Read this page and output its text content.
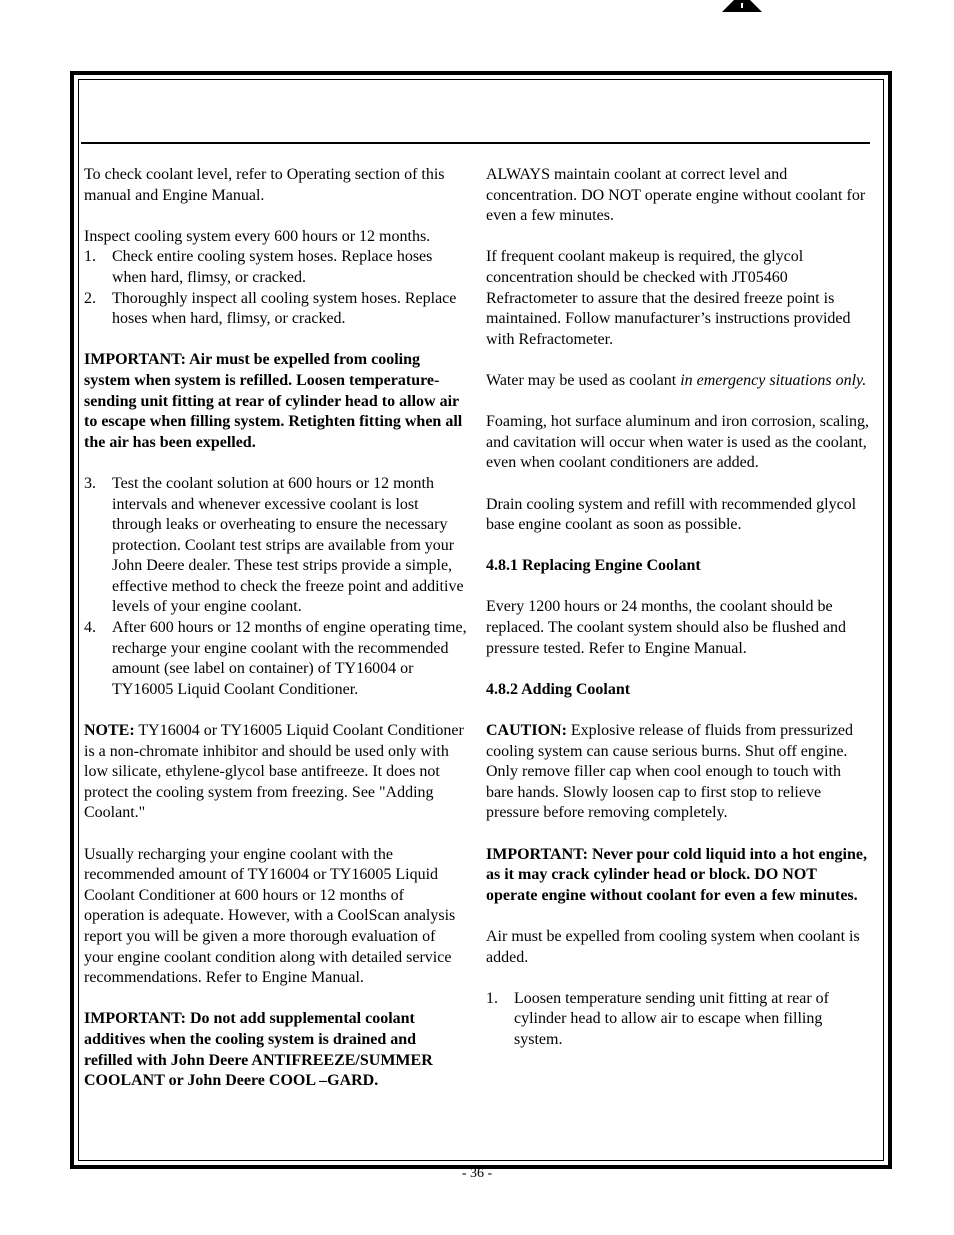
To check coolant level, refer to Operating section of this manual and Engine Manual.

Inspect cooling system every 600 hours or 12 months.

1. Check entire cooling system hoses. Replace hoses when hard, flimsy, or cracked.
2. Thoroughly inspect all cooling system hoses. Replace hoses when hard, flimsy, or cracked.

IMPORTANT: Air must be expelled from cooling system when system is refilled. Loosen temperature-sending unit fitting at rear of cylinder head to allow air to escape when filling system. Retighten fitting when all the air has been expelled.

3. Test the coolant solution at 600 hours or 12 month intervals and whenever excessive coolant is lost through leaks or overheating to ensure the necessary protection. Coolant test strips are available from your John Deere dealer. These test strips provide a simple, effective method to check the freeze point and additive levels of your engine coolant.
4. After 600 hours or 12 months of engine operating time, recharge your engine coolant with the recommended amount (see label on container) of TY16004 or TY16005 Liquid Coolant Conditioner.

NOTE: TY16004 or TY16005 Liquid Coolant Conditioner is a non-chromate inhibitor and should be used only with low silicate, ethylene-glycol base antifreeze. It does not protect the cooling system from freezing. See "Adding Coolant."

Usually recharging your engine coolant with the recommended amount of TY16004 or TY16005 Liquid Coolant Conditioner at 600 hours or 12 months of operation is adequate. However, with a CoolScan analysis report you will be given a more thorough evaluation of your engine coolant condition along with detailed service recommendations. Refer to Engine Manual.

IMPORTANT: Do not add supplemental coolant additives when the cooling system is drained and refilled with John Deere ANTIFREEZE/SUMMER COOLANT or John Deere COOL –GARD.

ALWAYS maintain coolant at correct level and concentration. DO NOT operate engine without coolant for even a few minutes.

If frequent coolant makeup is required, the glycol concentration should be checked with JT05460 Refractometer to assure that the desired freeze point is maintained. Follow manufacturer’s instructions provided with Refractometer.

Water may be used as coolant in emergency situations only.

Foaming, hot surface aluminum and iron corrosion, scaling, and cavitation will occur when water is used as the coolant, even when coolant conditioners are added.

Drain cooling system and refill with recommended glycol base engine coolant as soon as possible.

4.8.1 Replacing Engine Coolant

Every 1200 hours or 24 months, the coolant should be replaced. The coolant system should also be flushed and pressure tested. Refer to Engine Manual.

4.8.2 Adding Coolant

CAUTION: Explosive release of fluids from pressurized cooling system can cause serious burns. Shut off engine. Only remove filler cap when cool enough to touch with bare hands. Slowly loosen cap to first stop to relieve pressure before removing completely.

IMPORTANT: Never pour cold liquid into a hot engine, as it may crack cylinder head or block. DO NOT operate engine without coolant for even a few minutes.

Air must be expelled from cooling system when coolant is added.

1. Loosen temperature sending unit fitting at rear of cylinder head to allow air to escape when filling system.
- 36 -
